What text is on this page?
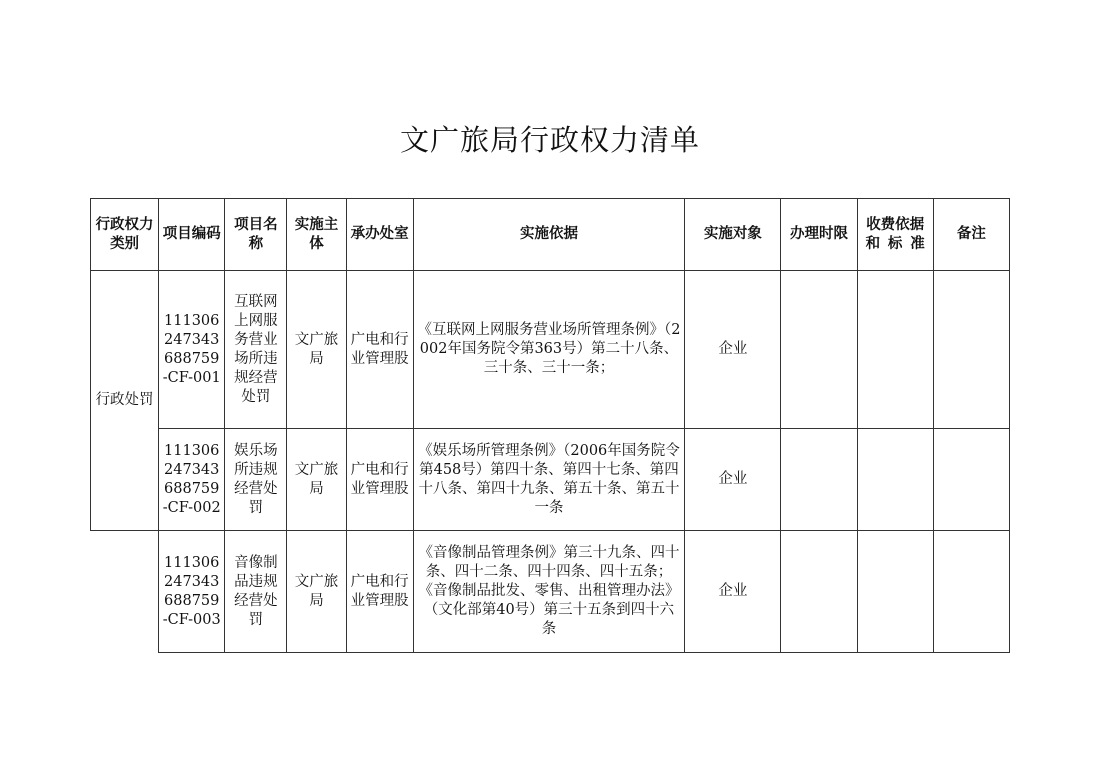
文广旅局行政权力清单
行政权力类别	项目编码	项目名称	实施主体	承办处室	实施依据	实施对象	办理时限	收费依据和标准	备注
行政处罚	111306247343688759-CF-001	互联网上网服务营业场所违规经营处罚	文广旅局	广电和行业管理股	《互联网上网服务营业场所管理条例》（2002年国务院令第363号）第二十八条、三十条、三十一条；	企业			
	111306247343688759-CF-002	娱乐场所违规经营处罚	文广旅局	广电和行业管理股	《娱乐场所管理条例》（2006年国务院令第458号）第四十条、第四十七条、第四十八条、第四十九条、第五十条、第五十一条	企业			
	111306247343688759-CF-003	音像制品违规经营处罚	文广旅局	广电和行业管理股	《音像制品管理条例》第三十九条、四十条、四十二条、四十四条、四十五条；《音像制品批发、零售、出租管理办法》（文化部第40号）第三十五条到四十六条	企业			
